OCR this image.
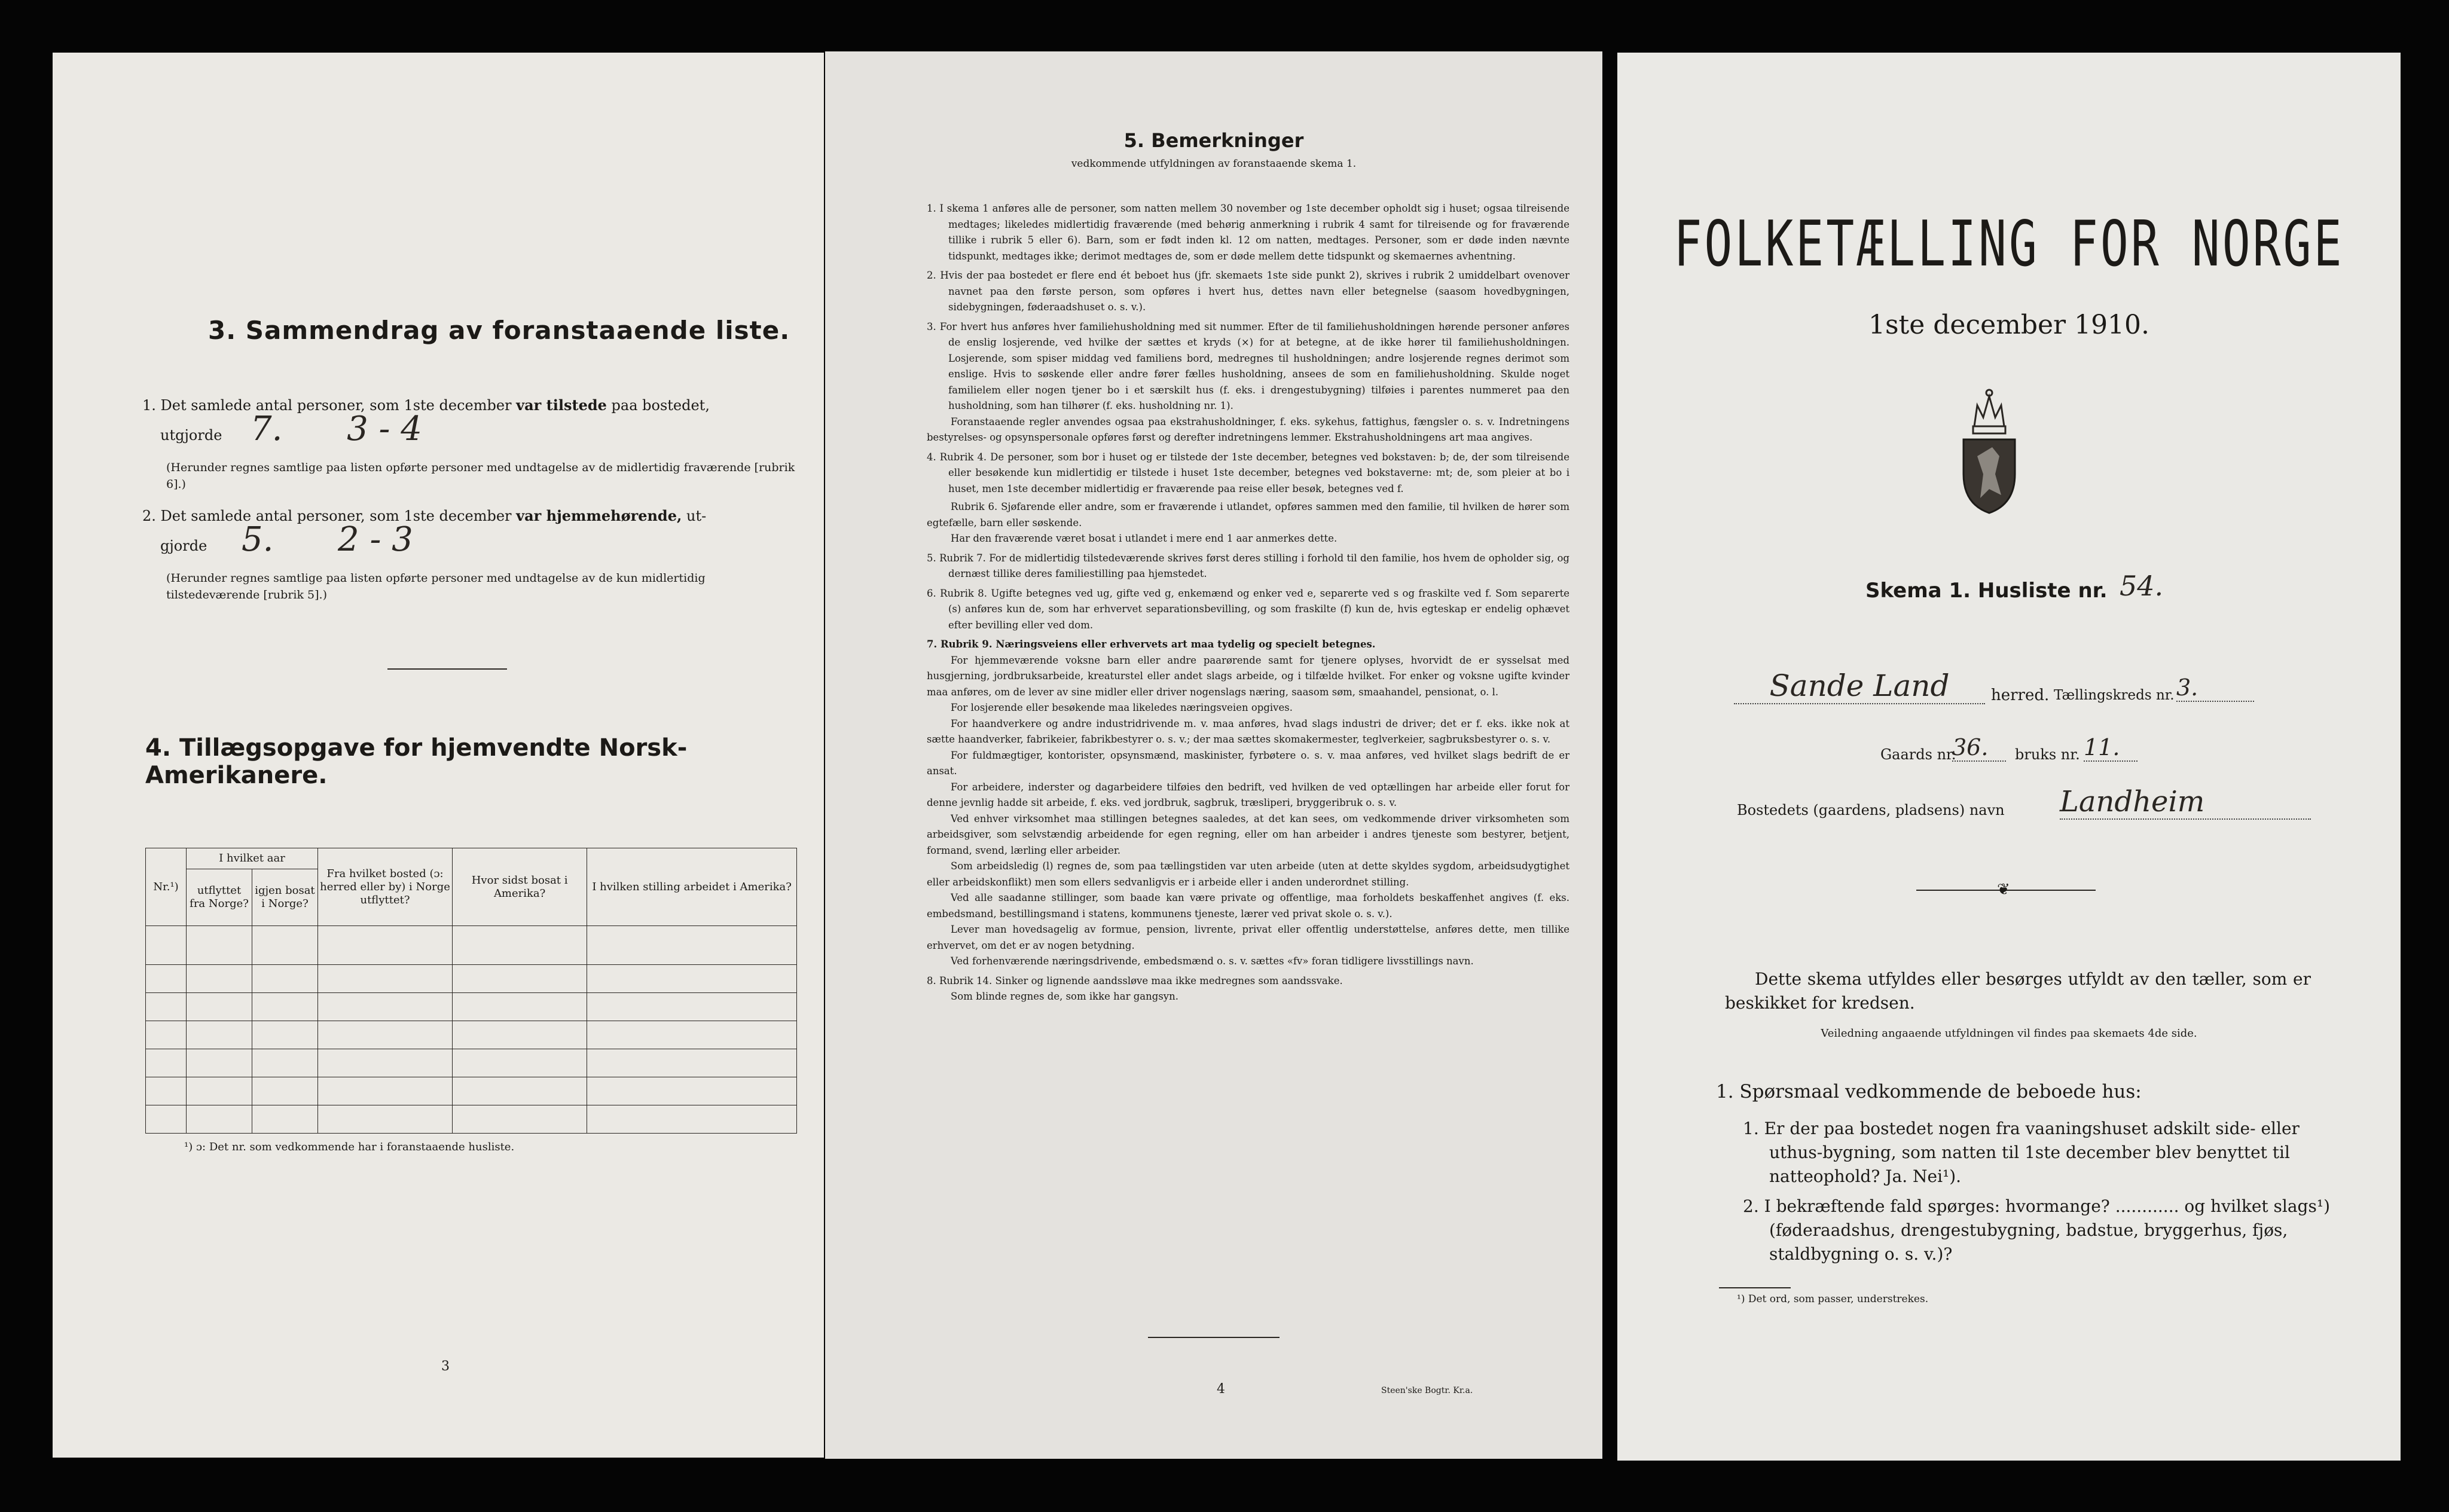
3. Sammendrag av foranstaaende liste.
1. Det samlede antal personer, som 1ste december var tilstede paa bostedet,
utgjorde 7. 3 - 4
(Herunder regnes samtlige paa listen opførte personer med undtagelse av de midlertidig fraværende [rubrik 6].)
2. Det samlede antal personer, som 1ste december var hjemmehørende, ut-
gjorde 5. 2 - 3
(Herunder regnes samtlige paa listen opførte personer med undtagelse av de kun midlertidig tilstedeværende [rubrik 5].)
4. Tillægsopgave for hjemvendte Norsk-Amerikanere.
Nr.¹)	I hvilket aar		Fra hvilket bosted (ɔ: herred eller by) i Norge utflyttet?	Hvor sidst bosat i Amerika?	I hvilken stilling arbeidet i Amerika?
	utflyttet fra Norge?	igjen bosat i Norge?			

¹) ɔ: Det nr. som vedkommende har i foranstaaende husliste.
3
5. Bemerkninger
vedkommende utfyldningen av foranstaaende skema 1.

1. I skema 1 anføres alle de personer, som natten mellem 30 november og 1ste december opholdt sig i huset; ogsaa tilreisende medtages; likeledes midlertidig fraværende (med behørig anmerkning i rubrik 4 samt for tilreisende og for fraværende tillike i rubrik 5 eller 6). Barn, som er født inden kl. 12 om natten, medtages. Personer, som er døde inden nævnte tidspunkt, medtages ikke; derimot medtages de, som er døde mellem dette tidspunkt og skemaernes avhentning.

2. Hvis der paa bostedet er flere end ét beboet hus (jfr. skemaets 1ste side punkt 2), skrives i rubrik 2 umiddelbart ovenover navnet paa den første person, som opføres i hvert hus, dettes navn eller betegnelse (saasom hovedbygningen, sidebygningen, føderaadshuset o. s. v.).

3. For hvert hus anføres hver familiehusholdning med sit nummer. Efter de til familiehusholdningen hørende personer anføres de enslig losjerende, ved hvilke der sættes et kryds (×) for at betegne, at de ikke hører til familiehusholdningen. Losjerende, som spiser middag ved familiens bord, medregnes til husholdningen; andre losjerende regnes derimot som enslige. Hvis to søskende eller andre fører fælles husholdning, ansees de som en familiehusholdning. Skulde noget familielem eller nogen tjener bo i et særskilt hus (f. eks. i drengestubygning) tilføies i parentes nummeret paa den husholdning, som han tilhører (f. eks. husholdning nr. 1).

Foranstaaende regler anvendes ogsaa paa ekstrahusholdninger, f. eks. sykehus, fattighus, fængsler o. s. v. Indretningens bestyrelses- og opsynspersonale opføres først og derefter indretningens lemmer. Ekstrahusholdningens art maa angives.

4. Rubrik 4. De personer, som bor i huset og er tilstede der 1ste december, betegnes ved bokstaven: b; de, der som tilreisende eller besøkende kun midlertidig er tilstede i huset 1ste december, betegnes ved bokstaverne: mt; de, som pleier at bo i huset, men 1ste december midlertidig er fraværende paa reise eller besøk, betegnes ved f.

Rubrik 6. Sjøfarende eller andre, som er fraværende i utlandet, opføres sammen med den familie, til hvilken de hører som egtefælle, barn eller søskende.

Har den fraværende været bosat i utlandet i mere end 1 aar anmerkes dette.

5. Rubrik 7. For de midlertidig tilstedeværende skrives først deres stilling i forhold til den familie, hos hvem de opholder sig, og dernæst tillike deres familiestilling paa hjemstedet.

6. Rubrik 8. Ugifte betegnes ved ug, gifte ved g, enkemænd og enker ved e, separerte ved s og fraskilte ved f. Som separerte (s) anføres kun de, som har erhvervet separationsbevilling, og som fraskilte (f) kun de, hvis egteskap er endelig ophævet efter bevilling eller ved dom.

7. Rubrik 9. Næringsveiens eller erhvervets art maa tydelig og specielt betegnes.

For hjemmeværende voksne barn eller andre paarørende samt for tjenere oplyses, hvorvidt de er sysselsat med husgjerning, jordbruksarbeide, kreaturstel eller andet slags arbeide, og i tilfælde hvilket. For enker og voksne ugifte kvinder maa anføres, om de lever av sine midler eller driver nogenslags næring, saasom søm, smaahandel, pensionat, o. l.

For losjerende eller besøkende maa likeledes næringsveien opgives.

For haandverkere og andre industridrivende m. v. maa anføres, hvad slags industri de driver; det er f. eks. ikke nok at sætte haandverker, fabrikeier, fabrikbestyrer o. s. v.; der maa sættes skomakermester, teglverkeier, sagbruksbestyrer o. s. v.

For fuldmægtiger, kontorister, opsynsmænd, maskinister, fyrbøtere o. s. v. maa anføres, ved hvilket slags bedrift de er ansat.

For arbeidere, inderster og dagarbeidere tilføies den bedrift, ved hvilken de ved optællingen har arbeide eller forut for denne jevnlig hadde sit arbeide, f. eks. ved jordbruk, sagbruk, træsliperi, bryggeribruk o. s. v.

Ved enhver virksomhet maa stillingen betegnes saaledes, at det kan sees, om vedkommende driver virksomheten som arbeidsgiver, som selvstændig arbeidende for egen regning, eller om han arbeider i andres tjeneste som bestyrer, betjent, formand, svend, lærling eller arbeider.

Som arbeidsledig (l) regnes de, som paa tællingstiden var uten arbeide (uten at dette skyldes sygdom, arbeidsudygtighet eller arbeidskonflikt) men som ellers sedvanligvis er i arbeide eller i anden underordnet stilling.

Ved alle saadanne stillinger, som baade kan være private og offentlige, maa forholdets beskaffenhet angives (f. eks. embedsmand, bestillingsmand i statens, kommunens tjeneste, lærer ved privat skole o. s. v.).

Lever man hovedsagelig av formue, pension, livrente, privat eller offentlig understøttelse, anføres dette, men tillike erhvervet, om det er av nogen betydning.

Ved forhenværende næringsdrivende, embedsmænd o. s. v. sættes «fv» foran tidligere livsstillings navn.

8. Rubrik 14. Sinker og lignende aandssløve maa ikke medregnes som aandssvake.

Som blinde regnes de, som ikke har gangsyn.

4	Steen'ske Bogtr. Kr.a.
FOLKETÆLLING FOR NORGE
1ste december 1910.
Skema 1. Husliste nr. 54.
Sande Land	herred. Tællingskreds nr. 3.
Gaards nr.
36.	bruks nr. 11.
Bostedets (gaardens, pladsens) navn Landheim
❦
Dette skema utfyldes eller besørges utfyldt av den tæller, som er beskikket for kredsen.
Veiledning angaaende utfyldningen vil findes paa skemaets 4de side.
1. Spørsmaal vedkommende de beboede hus:
1. Er der paa bostedet nogen fra vaaningshuset adskilt side- eller uthus-bygning, som natten til 1ste december blev benyttet til natteophold? Ja. Nei¹).
2. I bekræftende fald spørges: hvormange? ............ og hvilket slags¹) (føderaadshus, drengestubygning, badstue, bryggerhus, fjøs, staldbygning o. s. v.)?
¹) Det ord, som passer, understrekes.
